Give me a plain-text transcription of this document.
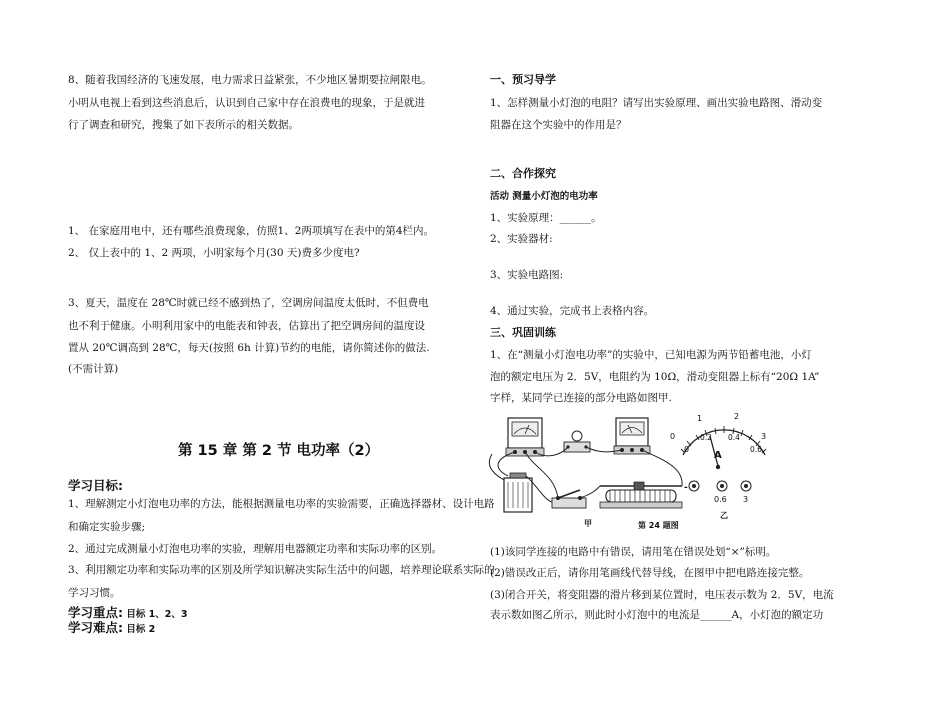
8、随着我国经济的飞速发展，电力需求日益紧张，不少地区暑期要拉闸限电。
小明从电视上看到这些消息后，认识到自己家中存在浪费电的现象，于是就进
行了调查和研究，搜集了如下表所示的相关数据。
1、 在家庭用电中，还有哪些浪费现象，仿照1、2两项填写在表中的第4栏内。
2、 仅上表中的 1、2 两项，小明家每个月(30 天)费多少度电?
3、夏天，温度在 28℃时就已经不感到热了，空调房间温度太低时，不但费电
也不利于健康。小明利用家中的电能表和钟表，估算出了把空调房间的温度设
置从 20℃调高到 28℃，每天(按照 6h 计算)节约的电能，请你简述你的做法.
(不需计算)
第 15 章 第 2 节 电功率（2）
学习目标:
1、理解测定小灯泡电功率的方法，能根据测量电功率的实验需要，正确选择器材、设计电路
和确定实验步骤;
2、通过完成测量小灯泡电功率的实验，理解用电器额定功率和实际功率的区别。
3、利用额定功率和实际功率的区别及所学知识解决实际生活中的问题，培养理论联系实际的
学习习惯。
学习重点: 目标 1、2、3
学习难点: 目标 2
一、预习导学
1、怎样测量小灯泡的电阻？请写出实验原理、画出实验电路图、滑动变
阻器在这个实验中的作用是？
二、合作探究
活动 测量小灯泡的电功率
1、实验原理：______。
2、实验器材:
3、实验电路图:
4、通过实验，完成书上表格内容。
三、巩固训练
1、在“测量小灯泡电功率”的实验中，已知电源为两节铅蓄电池，小灯
泡的额定电压为 2．5V，电阻约为 10Ω，滑动变阻器上标有“20Ω 1A”
字样，某同学已连接的部分电路如图甲.
(1)该同学连接的电路中有错误，请用笔在错误处划“×”标明。
(2)错误改正后，请你用笔画线代替导线，在图甲中把电路连接完整。
(3)闭合开关，将变阻器的滑片移到某位置时，电压表示数为 2．5V，电流
表示数如图乙所示，则此时小灯泡中的电流是______A，小灯泡的额定功
1	2
0	3
0
0.2 0.4
0.6
A
-
0.6 3
甲	第 24 题图
乙
